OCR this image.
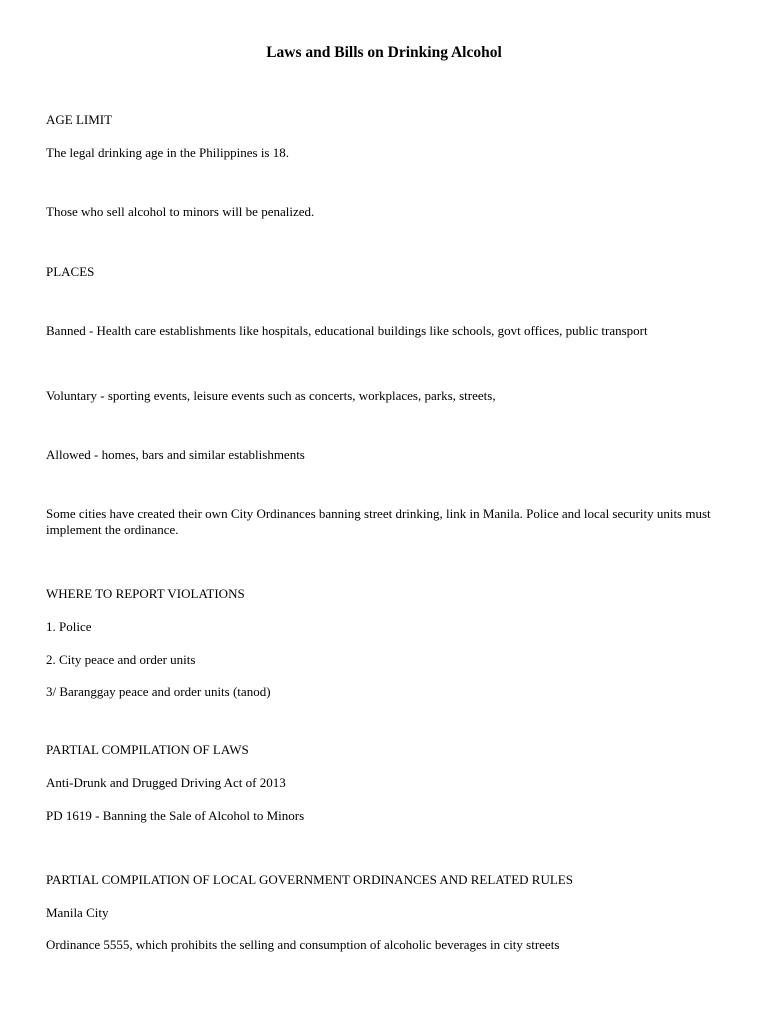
Laws and Bills on Drinking Alcohol

AGE LIMIT

The legal drinking age in the Philippines is 18.

Those who sell alcohol to minors will be penalized.

PLACES

Banned - Health care establishments like hospitals, educational buildings like schools, govt offices, public transport

Voluntary - sporting events, leisure events such as concerts, workplaces, parks, streets,

Allowed - homes, bars and similar establishments

Some cities have created their own City Ordinances banning street drinking, link in Manila. Police and local security units must implement the ordinance.

WHERE TO REPORT VIOLATIONS

1. Police

2. City peace and order units

3/ Baranggay peace and order units (tanod)

PARTIAL COMPILATION OF LAWS

Anti-Drunk and Drugged Driving Act of 2013

PD 1619 - Banning the Sale of Alcohol to Minors

PARTIAL COMPILATION OF LOCAL GOVERNMENT ORDINANCES AND RELATED RULES

Manila City

Ordinance 5555, which prohibits the selling and consumption of alcoholic beverages in city streets
